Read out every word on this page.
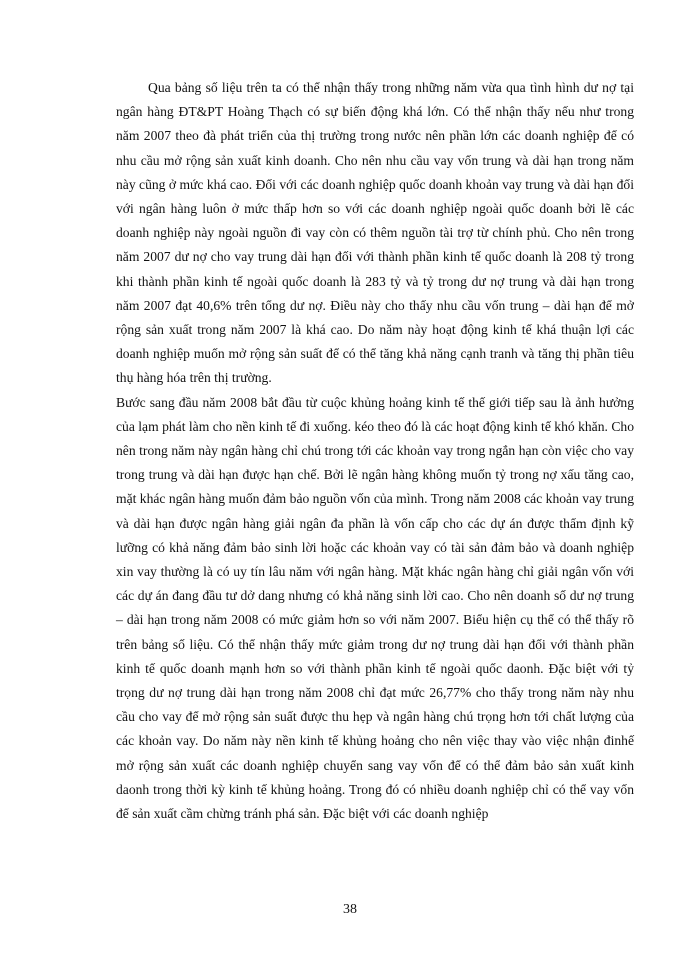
Qua bảng số liệu trên ta có thể nhận thấy trong những năm vừa qua tình hình dư nợ tại ngân hàng ĐT&PT Hoàng Thạch có sự biến động khá lớn. Có thể nhận thấy nếu như trong năm 2007 theo đà phát triển của thị trường trong nước nên phần lớn các doanh nghiệp để có nhu cầu mở rộng sản xuất kinh doanh. Cho nên nhu cầu vay vốn trung và dài hạn trong năm này cũng ở mức khá cao. Đối với các doanh nghiệp quốc doanh khoản vay trung và dài hạn đối với ngân hàng luôn ở mức thấp hơn so với các doanh nghiệp ngoài quốc doanh bởi lẽ các doanh nghiệp này ngoài nguồn đi vay còn có thêm nguồn tài trợ từ chính phủ. Cho nên trong năm 2007 dư nợ cho vay trung dài hạn đối với thành phần kinh tế quốc doanh là 208 tỷ trong khi thành phần kinh tế ngoài quốc doanh là 283 tỷ và tỷ trong dư nợ trung và dài hạn trong năm 2007 đạt 40,6% trên tổng dư nợ. Điều này cho thấy nhu cầu vốn trung – dài hạn để mở rộng sản xuất trong năm 2007 là khá cao. Do năm này hoạt động kinh tế khá thuận lợi các doanh nghiệp muốn mở rộng sản suất để có thể tăng khả năng cạnh tranh và tăng thị phần tiêu thụ hàng hóa trên thị trường.

Bước sang đầu năm 2008 bắt đầu từ cuộc khủng hoảng kinh tế thế giới tiếp sau là ảnh hưởng của lạm phát làm cho nền kinh tế đi xuống. kéo theo đó là các hoạt động kinh tế khó khăn. Cho nên trong năm này ngân hàng chỉ chú trong tới các khoản vay trong ngắn hạn còn việc cho vay trong trung và dài hạn được hạn chế. Bởi lẽ ngân hàng không muốn tỷ trong nợ xấu tăng cao, mặt khác ngân hàng muốn đảm bảo nguồn vốn của mình. Trong năm 2008 các khoản vay trung và dài hạn được ngân hàng giải ngân đa phần là vốn cấp cho các dự án được thẩm định kỹ lưỡng có khả năng đảm bảo sinh lời hoặc các khoản vay có tài sản đảm bảo và doanh nghiệp xin vay thường là có uy tín lâu năm với ngân hàng. Mặt khác ngân hàng chỉ giải ngân vốn với các dự án đang đầu tư dở dang nhưng có khả năng sinh lời cao. Cho nên doanh số dư nợ trung – dài hạn trong năm 2008 có mức giảm hơn so với năm 2007. Biểu hiện cụ thể có thể thấy rõ trên bảng số liệu. Có thể nhận thấy mức giảm trong dư nợ trung dài hạn đối với thành phần kinh tế quốc doanh mạnh hơn so với thành phần kinh tế ngoài quốc daonh. Đặc biệt với tỷ trọng dư nợ trung dài hạn trong năm 2008 chỉ đạt mức 26,77% cho thấy trong năm này nhu cầu cho vay để mở rộng sản suất được thu hẹp và ngân hàng chú trọng hơn tới chất lượng của các khoản vay. Do năm này nền kinh tế khủng hoảng cho nên việc thay vào việc nhận đinhế mở rộng sản xuất các doanh nghiệp chuyển sang vay vốn để có thể đảm bảo sản xuất kinh daonh trong thời kỳ kinh tế khủng hoảng. Trong đó có nhiều doanh nghiệp chỉ có thể vay vốn để sản xuất cầm chừng tránh phá sản. Đặc biệt với các doanh nghiệp

38
